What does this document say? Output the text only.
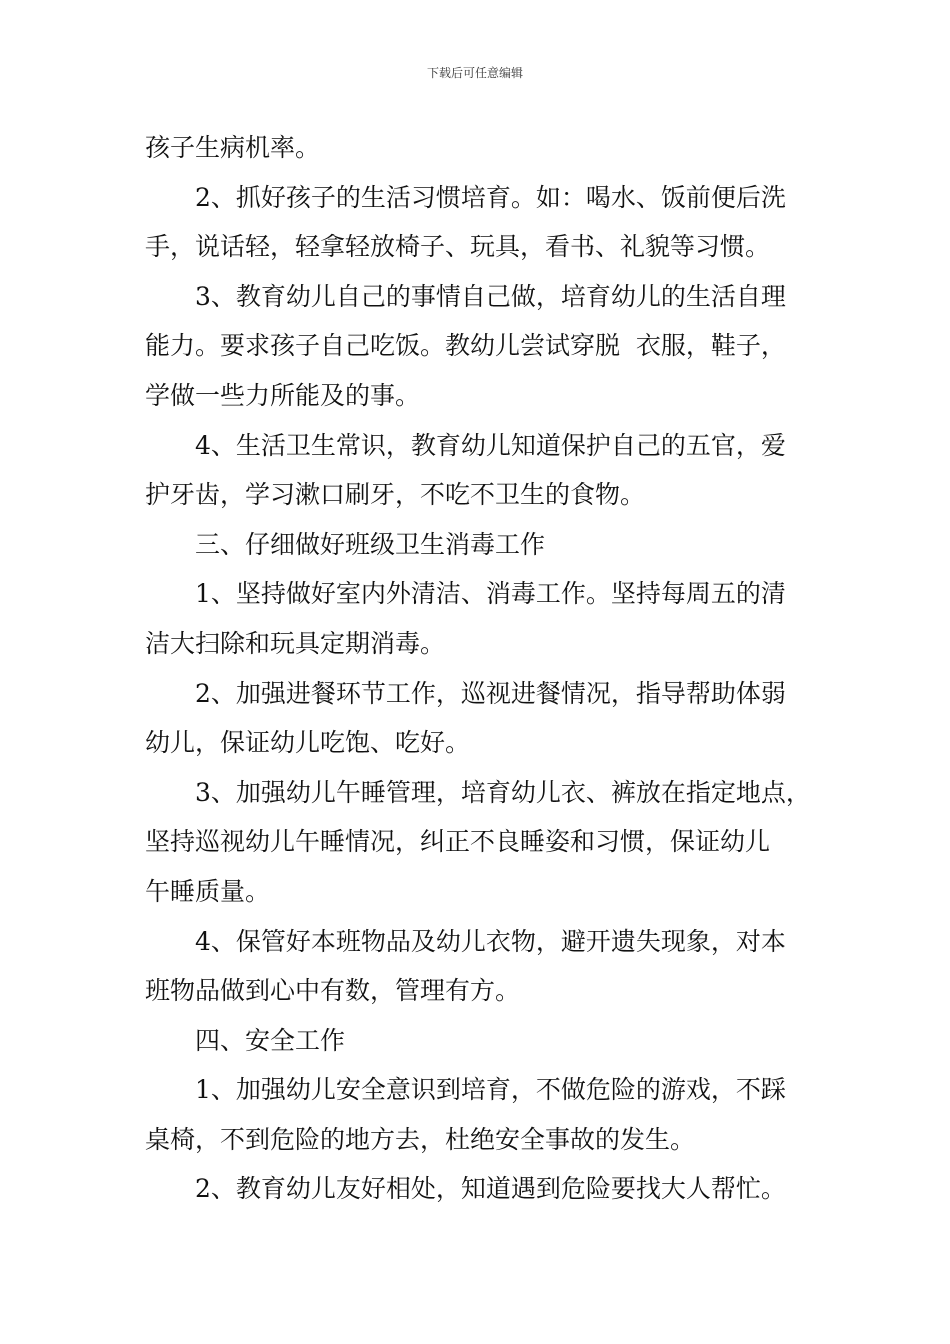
下载后可任意编辑
孩子生病机率。
2、抓好孩子的生活习惯培育。如：喝水、饭前便后洗
手，说话轻，轻拿轻放椅子、玩具，看书、礼貌等习惯。
3、教育幼儿自己的事情自己做，培育幼儿的生活自理
能力。要求孩子自己吃饭。教幼儿尝试穿脱  衣服，鞋子，
学做一些力所能及的事。
4、生活卫生常识，教育幼儿知道保护自己的五官，爱
护牙齿，学习漱口刷牙，不吃不卫生的食物。
三、仔细做好班级卫生消毒工作
1、坚持做好室内外清洁、消毒工作。坚持每周五的清
洁大扫除和玩具定期消毒。
2、加强进餐环节工作，巡视进餐情况，指导帮助体弱
幼儿，保证幼儿吃饱、吃好。
3、加强幼儿午睡管理，培育幼儿衣、裤放在指定地点，
坚持巡视幼儿午睡情况，纠正不良睡姿和习惯，保证幼儿
午睡质量。
4、保管好本班物品及幼儿衣物，避开遗失现象，对本
班物品做到心中有数，管理有方。
四、安全工作
1、加强幼儿安全意识到培育，不做危险的游戏，不踩
桌椅，不到危险的地方去，杜绝安全事故的发生。
2、教育幼儿友好相处，知道遇到危险要找大人帮忙。
